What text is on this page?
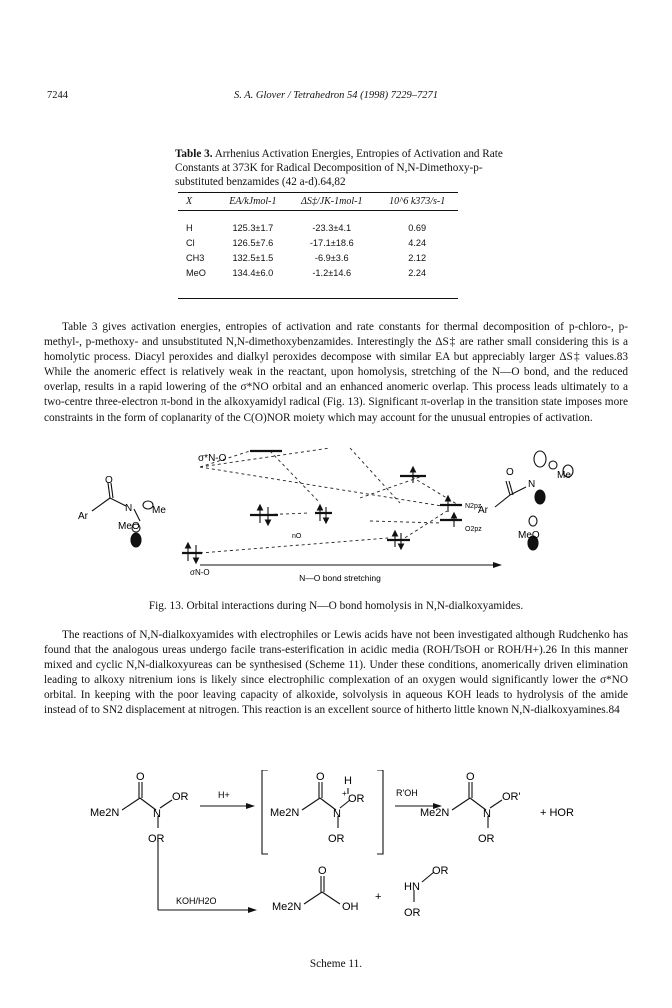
7244	S. A. Glover / Tetrahedron 54 (1998) 7229–7271
Table 3. Arrhenius Activation Energies, Entropies of Activation and Rate Constants at 373K for Radical Decomposition of N,N-Dimethoxy-p-substituted benzamides (42 a-d).64,82
X	EA/kJmol-1	ΔS‡/JK-1mol-1	10^6 k373/s-1
H	125.3±1.7	-23.3±4.1	0.69
Cl	126.5±7.6	-17.1±18.6	4.24
CH3	132.5±1.5	-6.9±3.6	2.12
MeO	134.4±6.0	-1.2±14.6	2.24
Table 3 gives activation energies, entropies of activation and rate constants for thermal decomposition of p-chloro-, p-methyl-, p-methoxy- and unsubstituted N,N-dimethoxybenzamides. Interestingly the ΔS‡ are rather small considering this is a homolytic process. Diacyl peroxides and dialkyl peroxides decompose with similar EA but appreciably larger ΔS‡ values.83 While the anomeric effect is relatively weak in the reactant, upon homolysis, stretching of the N—O bond, and the reduced overlap, results in a rapid lowering of the σ*NO orbital and an enhanced anomeric overlap. This process leads ultimately to a two-centre three-electron π-bond in the alkoxyamidyl radical (Fig. 13). Significant π-overlap in the transition state imposes more constraints in the form of coplanarity of the C(O)NOR moiety which may account for the unusual entropies of activation.
σ*N-O
σN-O
nO
N2pz
O2pz
Ar
O
N Me
MeO
Ar
O
N
Me
MeO
N—O bond stretching
Fig. 13. Orbital interactions during N—O bond homolysis in N,N-dialkoxyamides.
The reactions of N,N-dialkoxyamides with electrophiles or Lewis acids have not been investigated although Rudchenko has found that the analogous ureas undergo facile trans-esterification in acidic media (ROH/TsOH or ROH/H+).26 In this manner mixed and cyclic N,N-dialkoxyureas can be synthesised (Scheme 11). Under these conditions, anomerically driven elimination leading to alkoxy nitrenium ions is likely since electrophilic complexation of an oxygen would significantly lower the σ*NO orbital. In keeping with the poor leaving capacity of alkoxide, solvolysis in aqueous KOH leads to hydrolysis of the amide instead of to SN2 displacement at nitrogen. This reaction is an excellent source of hitherto little known N,N-dialkoxyamines.84
Me2N
O
N
OR
OR
H+
Me2N
O
N
H
+ OR
OR
R'OH
Me2N
O
N
OR'
OR
+ HOR
KOH/H2O	Me2N
O
OH
+
HN
OR
OR
Scheme 11.
